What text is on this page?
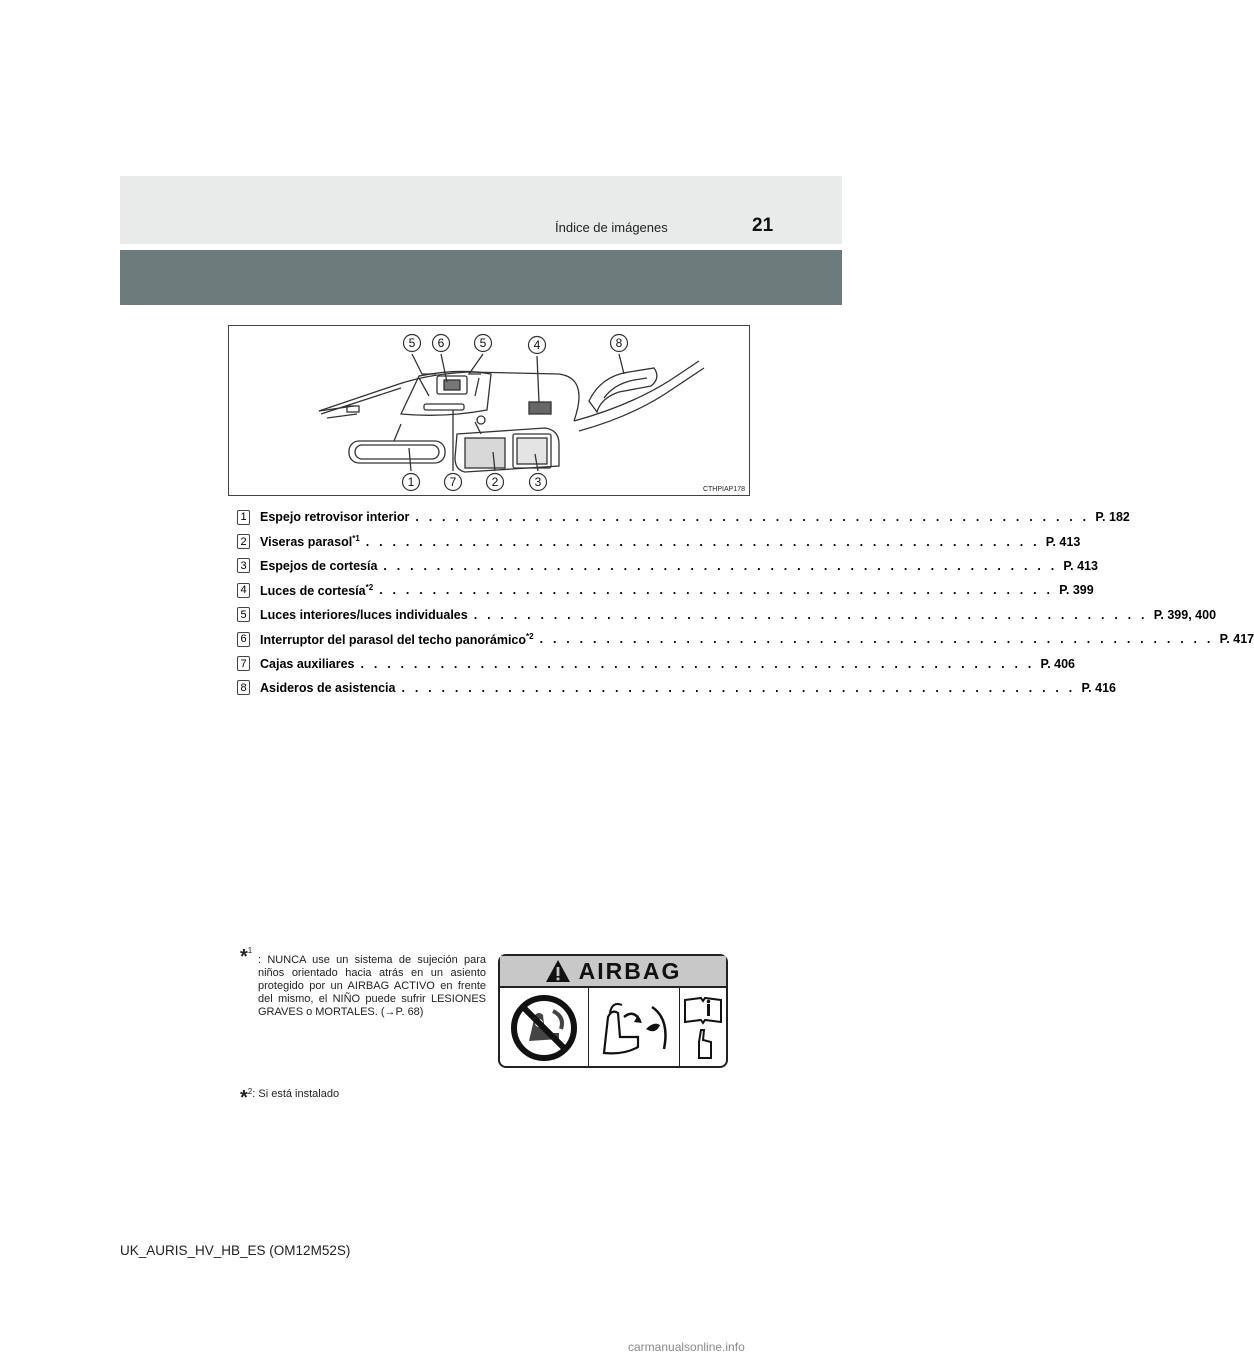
Índice de imágenes	21
5 6	5	4	8
1	7	2	3
CTHPIAP178
1 Espejo retrovisor interior . . . . . . . . . . . . . . . . . . . . . . . . . . . . . . . . . . . . . . . . . . . . . . . . . . . P. 182
2 Viseras parasol$^{*1}$ . . . . . . . . . . . . . . . . . . . . . . . . . . . . . . . . . . . . . . . . . . . . . . . . . . . P. 413
3 Espejos de cortesía . . . . . . . . . . . . . . . . . . . . . . . . . . . . . . . . . . . . . . . . . . . . . . . . . . . P. 413
4 Luces de cortesía$^{*2}$ . . . . . . . . . . . . . . . . . . . . . . . . . . . . . . . . . . . . . . . . . . . . . . . . . . . P. 399
5 Luces interiores/luces individuales . . . . . . . . . . . . . . . . . . . . . . . . . . . . . . . . . . . . . . . . . . . . . . . . . . . P. 399, 400
6 Interruptor del parasol del techo panorámico$^{*2}$ . . . . . . . . . . . . . . . . . . . . . . . . . . . . . . . . . . . . . . . . . . . . . . . . . . . P. 417
7 Cajas auxiliares . . . . . . . . . . . . . . . . . . . . . . . . . . . . . . . . . . . . . . . . . . . . . . . . . . . P. 406
8 Asideros de asistencia . . . . . . . . . . . . . . . . . . . . . . . . . . . . . . . . . . . . . . . . . . . . . . . . . . . P. 416
*$^1$
: NUNCA use un sistema de sujeción para niños orientado hacia atrás en un asiento protegido por un AIRBAG ACTIVO en frente del mismo, el NIÑO puede sufrir LESIONES GRAVES o MORTALES. (→P. 68)
AIRBAG
*$^2$: Si está instalado
UK_AURIS_HV_HB_ES (OM12M52S)
carmanualsonline.info
